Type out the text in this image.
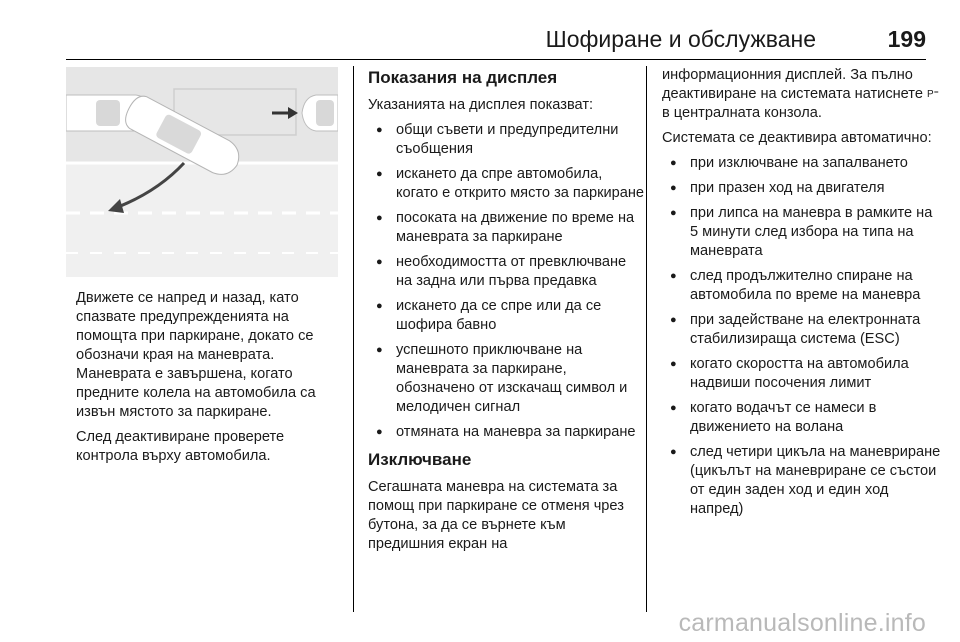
Шофиране и обслужване	199

Движете се напред и назад, като спазвате предупрежденията на помощта при паркиране, докато се обозначи края на маневрата. Маневрата е завършена, когато предните колела на автомобила са извън мястото за паркиране.

След деактивиране проверете контрола върху автомобила.

Показания на дисплея

Указанията на дисплея показват:

● общи съвети и предупредителни съобщения
● искането да спре автомобила, когато е открито място за паркиране
● посоката на движение по време на маневрата за паркиране
● необходимостта от превключване на задна или първа предавка
● искането да се спре или да се шофира бавно
● успешното приключване на маневрата за паркиране, обозначено от изскачащ символ и мелодичен сигнал
● отмяната на маневра за паркиране
Изключване

Сегашната маневра на системата за помощ при паркиране се отменя чрез бутона, за да се върнете към предишния екран на

информационния дисплей. За пълно деактивиране на системата натиснете P⁼ в централната конзола.

Системата се деактивира автоматично:

● при изключване на запалването
● при празен ход на двигателя
● при липса на маневра в рамките на 5 минути след избора на типа на маневрата
● след продължително спиране на автомобила по време на маневра
● при задействане на електронната стабилизираща система (ESC)
● когато скоростта на автомобила надвиши посочения лимит
● когато водачът се намеси в движението на волана
● след четири цикъла на маневриране (цикълът на маневриране се състои от един заден ход и един ход напред)
carmanualsonline.info
